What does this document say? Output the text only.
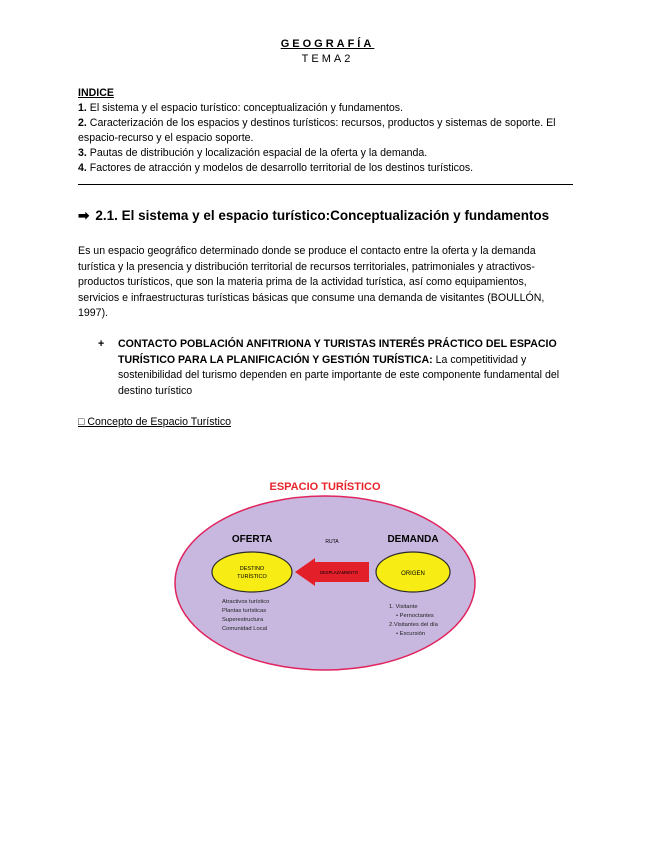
GEOGRAFÍA
TEMA2
INDICE
1. El sistema y el espacio turístico: conceptualización y fundamentos.
2. Caracterización de los espacios y destinos turísticos: recursos, productos y sistemas de soporte. El espacio-recurso y el espacio soporte.
3. Pautas de distribución y localización espacial de la oferta y la demanda.
4. Factores de atracción y modelos de desarrollo territorial de los destinos turísticos.
➡ 2.1. El sistema y el espacio turístico:Conceptualización y fundamentos
Es un espacio geográfico determinado donde se produce el contacto entre la oferta y la demanda turística y la presencia y distribución territorial de recursos territoriales, patrimoniales y atractivos-productos turísticos, que son la materia prima de la actividad turística, así como equipamientos, servicios e infraestructuras turísticas básicas que consume una demanda de visitantes (BOULLÓN, 1997).
+ CONTACTO POBLACIÓN ANFITRIONA Y TURISTAS INTERÉS PRÁCTICO DEL ESPACIO TURÍSTICO PARA LA PLANIFICACIÓN Y GESTIÓN TURÍSTICA: La competitividad y sostenibilidad del turismo dependen en parte importante de este componente fundamental del destino turístico
□ Concepto de Espacio Turístico
ESPACIO TURÍSTICO
OFERTA	DEMANDA
DESTINO
TURÍSTICO	ORIGEN
RUTA
DESPLAZAMIENTO
Atractivos turístico
Plantas turísticas
Superestructura
Comunidad Local
1. Visitante
• Pernoctantes
2.Visitantes del día
• Excursión
